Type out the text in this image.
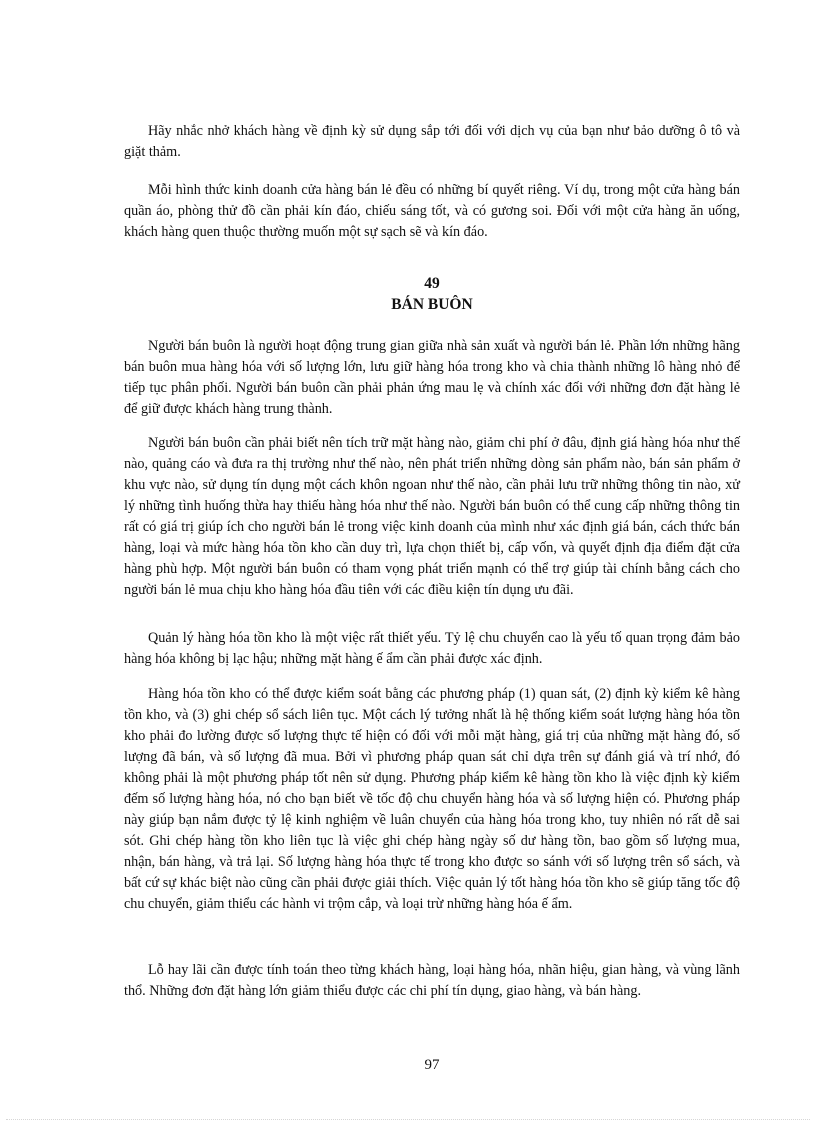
Hãy nhắc nhở khách hàng về định kỳ sử dụng sắp tới đối với dịch vụ của bạn như bảo dưỡng ô tô và giặt thảm.

Mỗi hình thức kinh doanh cửa hàng bán lẻ đều có những bí quyết riêng. Ví dụ, trong một cửa hàng bán quần áo, phòng thử đồ cần phải kín đáo, chiếu sáng tốt, và có gương soi. Đối với một cửa hàng ăn uống, khách hàng quen thuộc thường muốn một sự sạch sẽ và kín đáo.

49
BÁN BUÔN

Người bán buôn là người hoạt động trung gian giữa nhà sản xuất và người bán lẻ. Phần lớn những hãng bán buôn mua hàng hóa với số lượng lớn, lưu giữ hàng hóa trong kho và chia thành những lô hàng nhỏ để tiếp tục phân phối. Người bán buôn cần phải phản ứng mau lẹ và chính xác đối với những đơn đặt hàng lẻ để giữ được khách hàng trung thành.

Người bán buôn cần phải biết nên tích trữ mặt hàng nào, giảm chi phí ở đâu, định giá hàng hóa như thế nào, quảng cáo và đưa ra thị trường như thế nào, nên phát triển những dòng sản phẩm nào, bán sản phẩm ở khu vực nào, sử dụng tín dụng một cách khôn ngoan như thế nào, cần phải lưu trữ những thông tin nào, xử lý những tình huống thừa hay thiếu hàng hóa như thế nào. Người bán buôn có thể cung cấp những thông tin rất có giá trị giúp ích cho người bán lẻ trong việc kinh doanh của mình như xác định giá bán, cách thức bán hàng, loại và mức hàng hóa tồn kho cần duy trì, lựa chọn thiết bị, cấp vốn, và quyết định địa điểm đặt cửa hàng phù hợp. Một người bán buôn có tham vọng phát triển mạnh có thể trợ giúp tài chính bằng cách cho người bán lẻ mua chịu kho hàng hóa đầu tiên với các điều kiện tín dụng ưu đãi.

Quản lý hàng hóa tồn kho là một việc rất thiết yếu. Tỷ lệ chu chuyển cao là yếu tố quan trọng đảm bảo hàng hóa không bị lạc hậu; những mặt hàng ế ẩm cần phải được xác định.

Hàng hóa tồn kho có thể được kiểm soát bằng các phương pháp (1) quan sát, (2) định kỳ kiểm kê hàng tồn kho, và (3) ghi chép sổ sách liên tục. Một cách lý tưởng nhất là hệ thống kiểm soát lượng hàng hóa tồn kho phải đo lường được số lượng thực tế hiện có đối với mỗi mặt hàng, giá trị của những mặt hàng đó, số lượng đã bán, và số lượng đã mua. Bởi vì phương pháp quan sát chỉ dựa trên sự đánh giá và trí nhớ, đó không phải là một phương pháp tốt nên sử dụng. Phương pháp kiểm kê hàng tồn kho là việc định kỳ kiểm đếm số lượng hàng hóa, nó cho bạn biết về tốc độ chu chuyển hàng hóa và số lượng hiện có. Phương pháp này giúp bạn nắm được tỷ lệ kinh nghiệm về luân chuyển của hàng hóa trong kho, tuy nhiên nó rất dễ sai sót. Ghi chép hàng tồn kho liên tục là việc ghi chép hàng ngày số dư hàng tồn, bao gồm số lượng mua, nhận, bán hàng, và trả lại. Số lượng hàng hóa thực tế trong kho được so sánh với số lượng trên sổ sách, và bất cứ sự khác biệt nào cũng cần phải được giải thích. Việc quản lý tốt hàng hóa tồn kho sẽ giúp tăng tốc độ chu chuyển, giảm thiểu các hành vi trộm cắp, và loại trừ những hàng hóa ế ẩm.

Lỗ hay lãi cần được tính toán theo từng khách hàng, loại hàng hóa, nhãn hiệu, gian hàng, và vùng lãnh thổ. Những đơn đặt hàng lớn giảm thiểu được các chi phí tín dụng, giao hàng, và bán hàng.

97
